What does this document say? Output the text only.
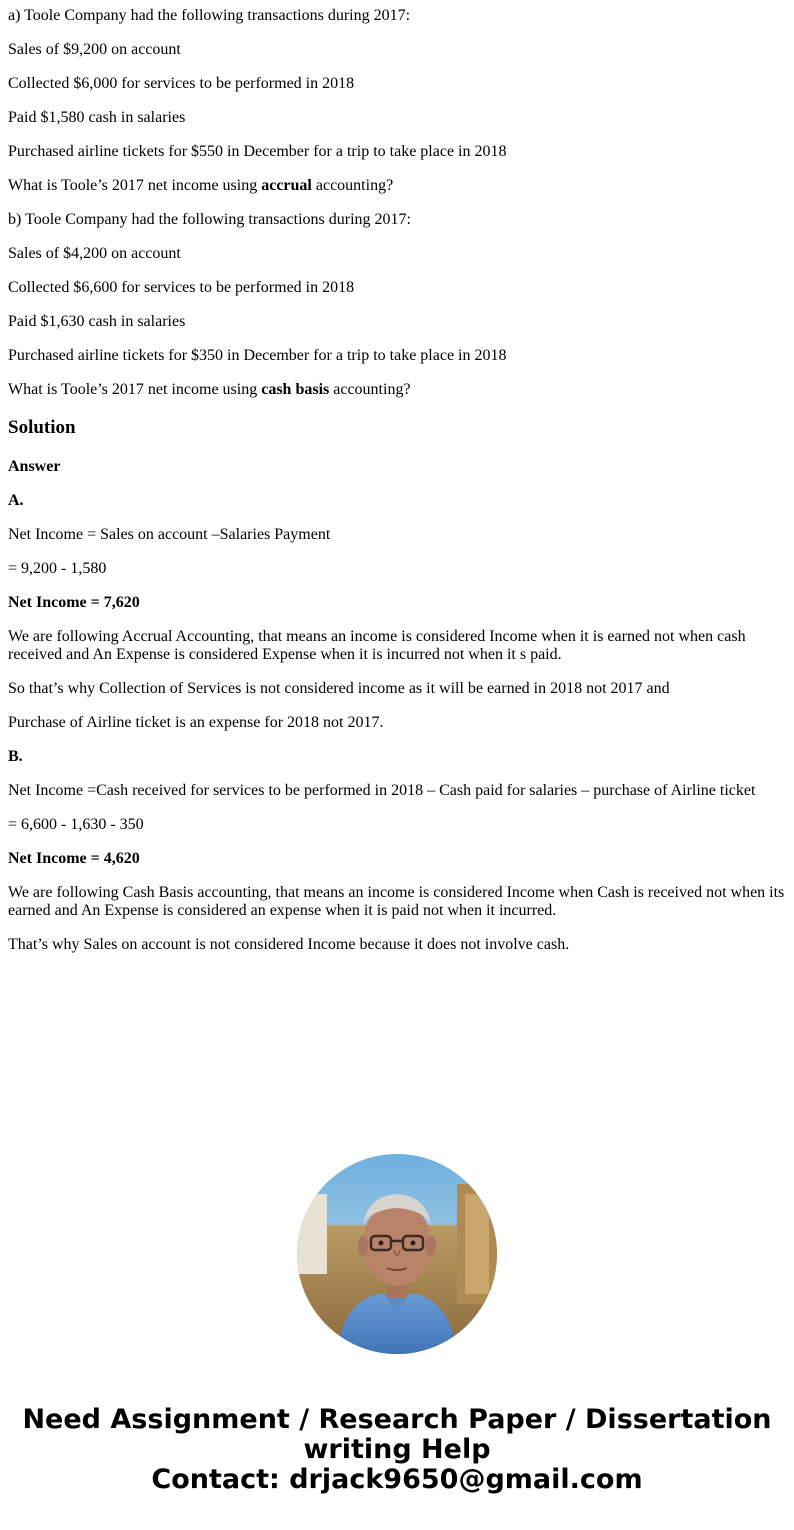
a) Toole Company had the following transactions during 2017:

Sales of $9,200 on account

Collected $6,000 for services to be performed in 2018

Paid $1,580 cash in salaries

Purchased airline tickets for $550 in December for a trip to take place in 2018

What is Toole’s 2017 net income using accrual accounting?

b) Toole Company had the following transactions during 2017:

Sales of $4,200 on account

Collected $6,600 for services to be performed in 2018

Paid $1,630 cash in salaries

Purchased airline tickets for $350 in December for a trip to take place in 2018

What is Toole’s 2017 net income using cash basis accounting?

Solution

Answer

A.

Net Income = Sales on account –Salaries Payment

= 9,200 - 1,580

Net Income = 7,620

We are following Accrual Accounting, that means an income is considered Income when it is earned not when cash received and An Expense is considered Expense when it is incurred not when it s paid.

So that’s why Collection of Services is not considered income as it will be earned in 2018 not 2017 and

Purchase of Airline ticket is an expense for 2018 not 2017.

B.

Net Income =Cash received for services to be performed in 2018 – Cash paid for salaries – purchase of Airline ticket

= 6,600 - 1,630 - 350

Net Income = 4,620

We are following Cash Basis accounting, that means an income is considered Income when Cash is received not when its earned and An Expense is considered an expense when it is paid not when it incurred.

That’s why Sales on account is not considered Income because it does not involve cash.

Need Assignment / Research Paper / Dissertation
writing Help
Contact: drjack9650@gmail.com
